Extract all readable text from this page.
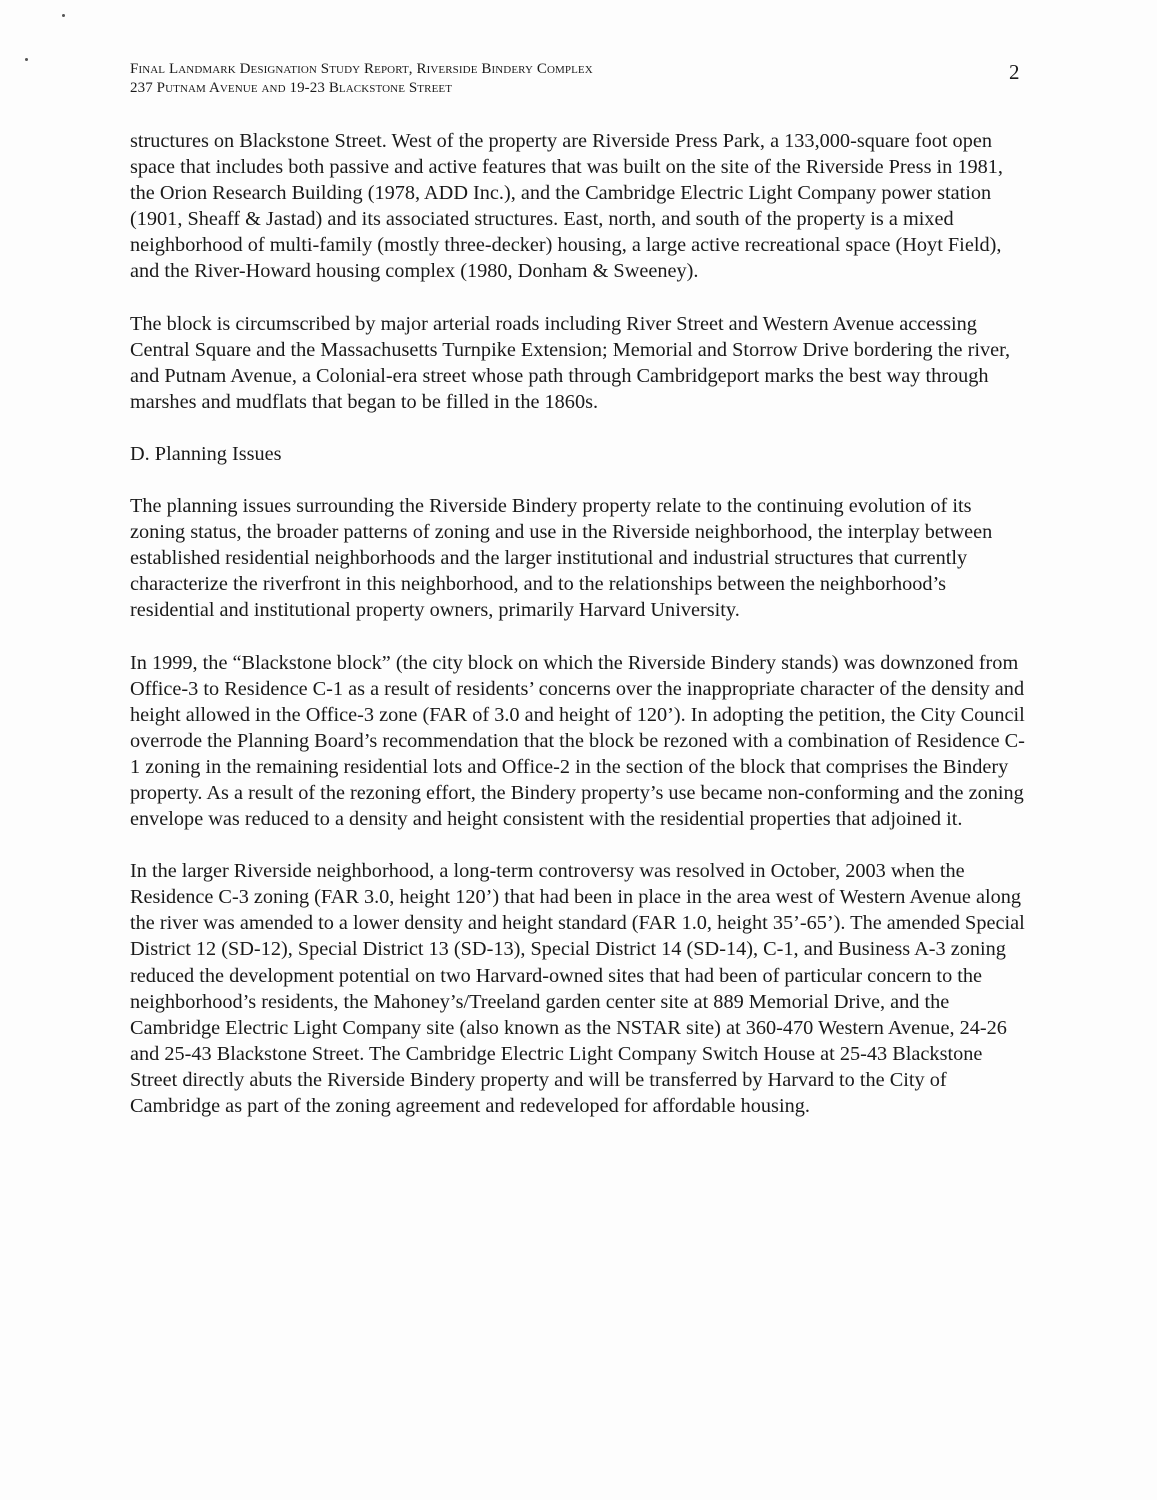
Final Landmark Designation Study Report, Riverside Bindery Complex
237 Putnam Avenue and 19-23 Blackstone Street
2

structures on Blackstone Street. West of the property are Riverside Press Park, a 133,000-square foot open space that includes both passive and active features that was built on the site of the Riverside Press in 1981, the Orion Research Building (1978, ADD Inc.), and the Cambridge Electric Light Company power station (1901, Sheaff & Jastad) and its associated structures. East, north, and south of the property is a mixed neighborhood of multi-family (mostly three-decker) housing, a large active recreational space (Hoyt Field), and the River-Howard housing complex (1980, Donham & Sweeney).

The block is circumscribed by major arterial roads including River Street and Western Avenue accessing Central Square and the Massachusetts Turnpike Extension; Memorial and Storrow Drive bordering the river, and Putnam Avenue, a Colonial-era street whose path through Cambridgeport marks the best way through marshes and mudflats that began to be filled in the 1860s.

D. Planning Issues

The planning issues surrounding the Riverside Bindery property relate to the continuing evolution of its zoning status, the broader patterns of zoning and use in the Riverside neighborhood, the interplay between established residential neighborhoods and the larger institutional and industrial structures that currently characterize the riverfront in this neighborhood, and to the relationships between the neighborhood’s residential and institutional property owners, primarily Harvard University.

In 1999, the “Blackstone block” (the city block on which the Riverside Bindery stands) was downzoned from Office-3 to Residence C-1 as a result of residents’ concerns over the inappropriate character of the density and height allowed in the Office-3 zone (FAR of 3.0 and height of 120’). In adopting the petition, the City Council overrode the Planning Board’s recommendation that the block be rezoned with a combination of Residence C-1 zoning in the remaining residential lots and Office-2 in the section of the block that comprises the Bindery property. As a result of the rezoning effort, the Bindery property’s use became non-conforming and the zoning envelope was reduced to a density and height consistent with the residential properties that adjoined it.

In the larger Riverside neighborhood, a long-term controversy was resolved in October, 2003 when the Residence C-3 zoning (FAR 3.0, height 120’) that had been in place in the area west of Western Avenue along the river was amended to a lower density and height standard (FAR 1.0, height 35’-65’). The amended Special District 12 (SD-12), Special District 13 (SD-13), Special District 14 (SD-14), C-1, and Business A-3 zoning reduced the development potential on two Harvard-owned sites that had been of particular concern to the neighborhood’s residents, the Mahoney’s/Treeland garden center site at 889 Memorial Drive, and the Cambridge Electric Light Company site (also known as the NSTAR site) at 360-470 Western Avenue, 24-26 and 25-43 Blackstone Street. The Cambridge Electric Light Company Switch House at 25-43 Blackstone Street directly abuts the Riverside Bindery property and will be transferred by Harvard to the City of Cambridge as part of the zoning agreement and redeveloped for affordable housing.
